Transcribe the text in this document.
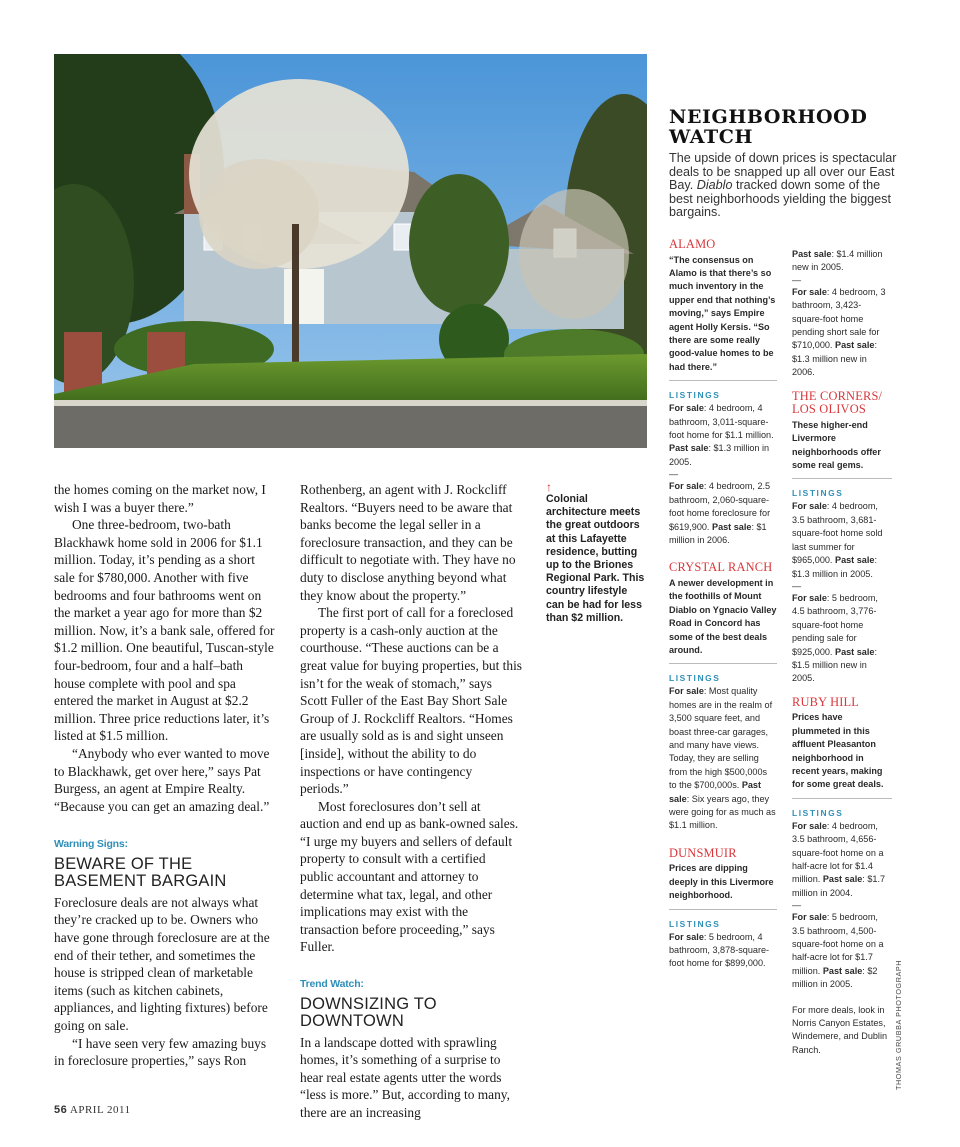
the homes coming on the market now, I wish I was a buyer there.”

One three-bedroom, two-bath Blackhawk home sold in 2006 for $1.1 million. Today, it’s pending as a short sale for $780,000. Another with five bedrooms and four bathrooms went on the market a year ago for more than $2 million. Now, it’s a bank sale, offered for $1.2 million. One beautiful, Tuscan-style four-bedroom, four and a half–bath house complete with pool and spa entered the market in August at $2.2 million. Three price reductions later, it’s listed at $1.5 million.

“Anybody who ever wanted to move to Blackhawk, get over here,” says Pat Burgess, an agent at Empire Realty. “Because you can get an amazing deal.”

Warning Signs:
BEWARE OF THE BASEMENT BARGAIN

Foreclosure deals are not always what they’re cracked up to be. Owners who have gone through foreclosure are at the end of their tether, and sometimes the house is stripped clean of marketable items (such as kitchen cabinets, appliances, and lighting fixtures) before going on sale.

“I have seen very few amazing buys in foreclosure properties,” says Ron

Rothenberg, an agent with J. Rockcliff Realtors. “Buyers need to be aware that banks become the legal seller in a foreclosure transaction, and they can be difficult to negotiate with. They have no duty to disclose anything beyond what they know about the property.”

The first port of call for a foreclosed property is a cash-only auction at the courthouse. “These auctions can be a great value for buying properties, but this isn’t for the weak of stomach,” says Scott Fuller of the East Bay Short Sale Group of J. Rockcliff Realtors. “Homes are usually sold as is and sight unseen [inside], without the ability to do inspections or have contingency periods.”

Most foreclosures don’t sell at auction and end up as bank-owned sales. “I urge my buyers and sellers of default property to consult with a certified public accountant and attorney to determine what tax, legal, and other implications may exist with the transaction before proceeding,” says Fuller.

Trend Watch:
DOWNSIZING TO DOWNTOWN

In a landscape dotted with sprawling homes, it’s something of a surprise to hear real estate agents utter the words “less is more.” But, according to many, there are an increasing

↑
Colonial architecture meets the great outdoors at this Lafayette residence, butting up to the Briones Regional Park. This country lifestyle can be had for less than $2 million.
NEIGHBORHOOD
WATCH
The upside of down prices is spectacular deals to be snapped up all over our East Bay. Diablo tracked down some of the best neighborhoods yielding the biggest bargains.
ALAMO
“The consensus on Alamo is that there’s so much inventory in the upper end that nothing’s moving,” says Empire agent Holly Kersis. “So there are some really good-value homes to be had there.”
LISTINGS

For sale: 4 bedroom, 4 bathroom, 3,011-square-foot home for $1.1 million. Past sale: $1.3 million in 2005.

—

For sale: 4 bedroom, 2.5 bathroom, 2,060-square-foot home foreclosure for $619,900. Past sale: $1 million in 2006.

CRYSTAL RANCH
A newer development in the foothills of Mount Diablo on Ygnacio Valley Road in Concord has some of the best deals around.
LISTINGS

For sale: Most quality homes are in the realm of 3,500 square feet, and boast three-car garages, and many have views. Today, they are selling from the high $500,000s to the $700,000s. Past sale: Six years ago, they were going for as much as $1.1 million.

DUNSMUIR
Prices are dipping deeply in this Livermore neighborhood.
LISTINGS

For sale: 5 bedroom, 4 bathroom, 3,878-square-foot home for $899,000.

Past sale: $1.4 million new in 2005.

—

For sale: 4 bedroom, 3 bathroom, 3,423-square-foot home pending short sale for $710,000. Past sale: $1.3 million new in 2006.

THE CORNERS/ LOS OLIVOS
These higher-end Livermore neighborhoods offer some real gems.
LISTINGS

For sale: 4 bedroom, 3.5 bathroom, 3,681-square-foot home sold last summer for $965,000. Past sale: $1.3 million in 2005.

—

For sale: 5 bedroom, 4.5 bathroom, 3,776-square-foot home pending sale for $925,000. Past sale: $1.5 million new in 2005.

RUBY HILL
Prices have plummeted in this affluent Pleasanton neighborhood in recent years, making for some great deals.
LISTINGS

For sale: 4 bedroom, 3.5 bathroom, 4,656-square-foot home on a half-acre lot for $1.4 million. Past sale: $1.7 million in 2004.

—

For sale: 5 bedroom, 3.5 bathroom, 4,500-square-foot home on a half-acre lot for $1.7 million. Past sale: $2 million in 2005.

For more deals, look in Norris Canyon Estates, Windemere, and Dublin Ranch.	THOMAS GRUBBA PHOTOGRAPHY
56 APRIL 2011
